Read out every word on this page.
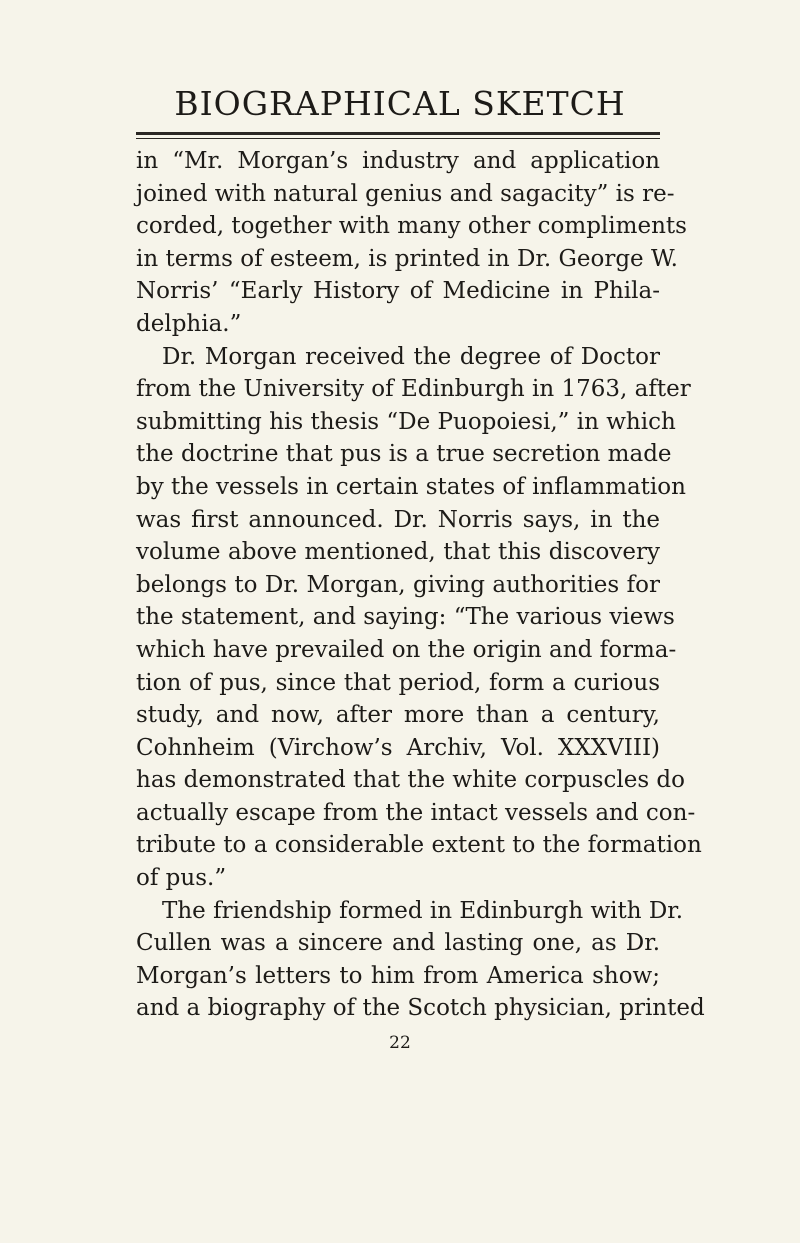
BIOGRAPHICAL SKETCH
in “Mr. Morgan’s industry and application
joined with natural genius and sagacity” is re-
corded, together with many other compliments
in terms of esteem, is printed in Dr. George W.
Norris’ “Early History of Medicine in Phila-
delphia.”
Dr. Morgan received the degree of Doctor
from the University of Edinburgh in 1763, after
submitting his thesis “De Puopoiesi,” in which
the doctrine that pus is a true secretion made
by the vessels in certain states of inflammation
was first announced. Dr. Norris says, in the
volume above mentioned, that this discovery
belongs to Dr. Morgan, giving authorities for
the statement, and saying: “The various views
which have prevailed on the origin and forma-
tion of pus, since that period, form a curious
study, and now, after more than a century,
Cohnheim (Virchow’s Archiv, Vol. XXXVIII)
has demonstrated that the white corpuscles do
actually escape from the intact vessels and con-
tribute to a considerable extent to the formation
of pus.”
The friendship formed in Edinburgh with Dr.
Cullen was a sincere and lasting one, as Dr.
Morgan’s letters to him from America show;
and a biography of the Scotch physician, printed
22
